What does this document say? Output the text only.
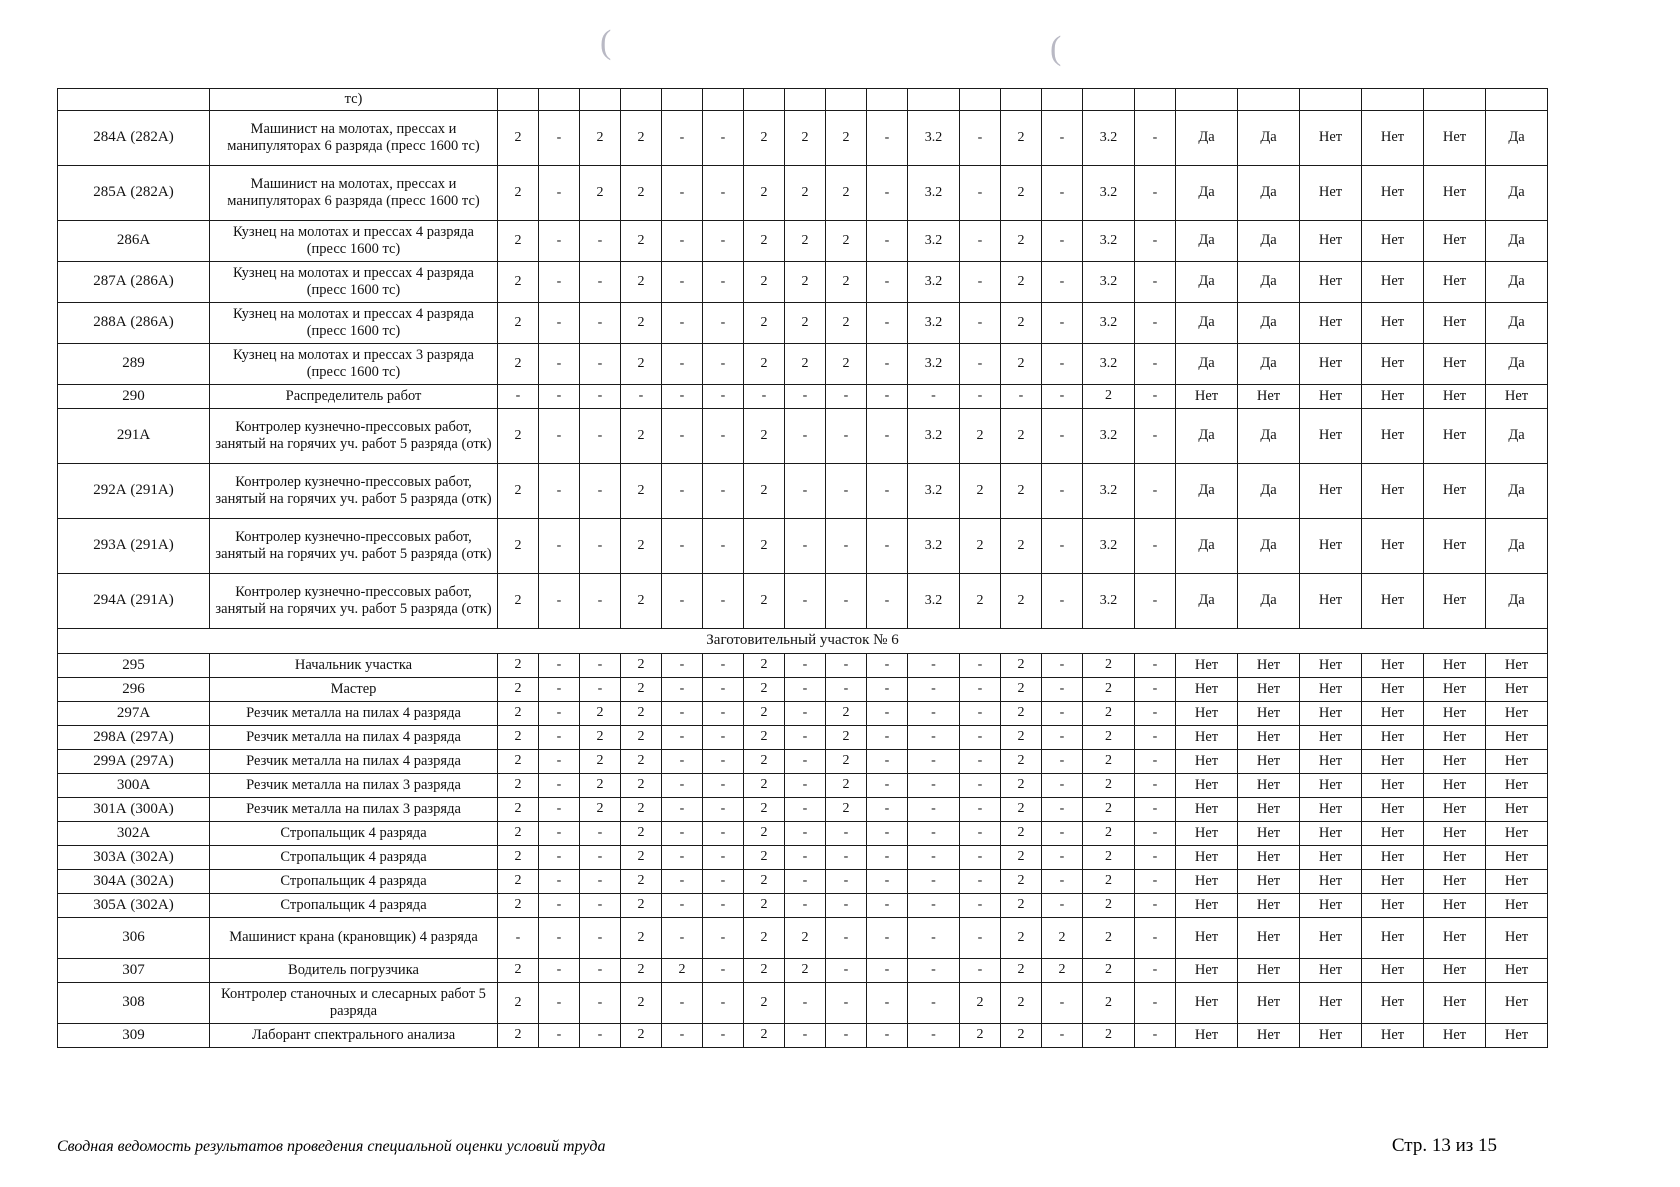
(	(
	тс)																						
284А (282А)	Машинист на молотах, прессах и манипуляторах 6 разряда (пресс 1600 тс)	2	-	2	2	-	-	2	2	2	-	3.2	-	2	-	3.2	-	Да	Да	Нет	Нет	Нет	Да
285А (282А)	Машинист на молотах, прессах и манипуляторах 6 разряда (пресс 1600 тс)	2	-	2	2	-	-	2	2	2	-	3.2	-	2	-	3.2	-	Да	Да	Нет	Нет	Нет	Да
286А	Кузнец на молотах и прессах 4 разряда (пресс 1600 тс)	2	-	-	2	-	-	2	2	2	-	3.2	-	2	-	3.2	-	Да	Да	Нет	Нет	Нет	Да
287А (286А)	Кузнец на молотах и прессах 4 разряда (пресс 1600 тс)	2	-	-	2	-	-	2	2	2	-	3.2	-	2	-	3.2	-	Да	Да	Нет	Нет	Нет	Да
288А (286А)	Кузнец на молотах и прессах 4 разряда (пресс 1600 тс)	2	-	-	2	-	-	2	2	2	-	3.2	-	2	-	3.2	-	Да	Да	Нет	Нет	Нет	Да
289	Кузнец на молотах и прессах 3 разряда (пресс 1600 тс)	2	-	-	2	-	-	2	2	2	-	3.2	-	2	-	3.2	-	Да	Да	Нет	Нет	Нет	Да
290	Распределитель работ	-	-	-	-	-	-	-	-	-	-	-	-	-	-	2	-	Нет	Нет	Нет	Нет	Нет	Нет
291А	Контролер кузнечно-прессовых работ, занятый на горячих уч. работ 5 разряда (отк)	2	-	-	2	-	-	2	-	-	-	3.2	2	2	-	3.2	-	Да	Да	Нет	Нет	Нет	Да
292А (291А)	Контролер кузнечно-прессовых работ, занятый на горячих уч. работ 5 разряда (отк)	2	-	-	2	-	-	2	-	-	-	3.2	2	2	-	3.2	-	Да	Да	Нет	Нет	Нет	Да
293А (291А)	Контролер кузнечно-прессовых работ, занятый на горячих уч. работ 5 разряда (отк)	2	-	-	2	-	-	2	-	-	-	3.2	2	2	-	3.2	-	Да	Да	Нет	Нет	Нет	Да
294А (291А)	Контролер кузнечно-прессовых работ, занятый на горячих уч. работ 5 разряда (отк)	2	-	-	2	-	-	2	-	-	-	3.2	2	2	-	3.2	-	Да	Да	Нет	Нет	Нет	Да
Заготовительный участок № 6																							
295	Начальник участка	2	-	-	2	-	-	2	-	-	-	-	-	2	-	2	-	Нет	Нет	Нет	Нет	Нет	Нет
296	Мастер	2	-	-	2	-	-	2	-	-	-	-	-	2	-	2	-	Нет	Нет	Нет	Нет	Нет	Нет
297А	Резчик металла на пилах 4 разряда	2	-	2	2	-	-	2	-	2	-	-	-	2	-	2	-	Нет	Нет	Нет	Нет	Нет	Нет
298А (297А)	Резчик металла на пилах 4 разряда	2	-	2	2	-	-	2	-	2	-	-	-	2	-	2	-	Нет	Нет	Нет	Нет	Нет	Нет
299А (297А)	Резчик металла на пилах 4 разряда	2	-	2	2	-	-	2	-	2	-	-	-	2	-	2	-	Нет	Нет	Нет	Нет	Нет	Нет
300А	Резчик металла на пилах 3 разряда	2	-	2	2	-	-	2	-	2	-	-	-	2	-	2	-	Нет	Нет	Нет	Нет	Нет	Нет
301А (300А)	Резчик металла на пилах 3 разряда	2	-	2	2	-	-	2	-	2	-	-	-	2	-	2	-	Нет	Нет	Нет	Нет	Нет	Нет
302А	Стропальщик 4 разряда	2	-	-	2	-	-	2	-	-	-	-	-	2	-	2	-	Нет	Нет	Нет	Нет	Нет	Нет
303А (302А)	Стропальщик 4 разряда	2	-	-	2	-	-	2	-	-	-	-	-	2	-	2	-	Нет	Нет	Нет	Нет	Нет	Нет
304А (302А)	Стропальщик 4 разряда	2	-	-	2	-	-	2	-	-	-	-	-	2	-	2	-	Нет	Нет	Нет	Нет	Нет	Нет
305А (302А)	Стропальщик 4 разряда	2	-	-	2	-	-	2	-	-	-	-	-	2	-	2	-	Нет	Нет	Нет	Нет	Нет	Нет
306	Машинист крана (крановщик) 4 разряда	-	-	-	2	-	-	2	2	-	-	-	-	2	2	2	-	Нет	Нет	Нет	Нет	Нет	Нет
307	Водитель погрузчика	2	-	-	2	2	-	2	2	-	-	-	-	2	2	2	-	Нет	Нет	Нет	Нет	Нет	Нет
308	Контролер станочных и слесарных работ 5 разряда	2	-	-	2	-	-	2	-	-	-	-	2	2	-	2	-	Нет	Нет	Нет	Нет	Нет	Нет
309	Лаборант спектрального анализа	2	-	-	2	-	-	2	-	-	-	-	2	2	-	2	-	Нет	Нет	Нет	Нет	Нет	Нет
Сводная ведомость результатов проведения специальной оценки условий труда	Стр. 13 из 15
